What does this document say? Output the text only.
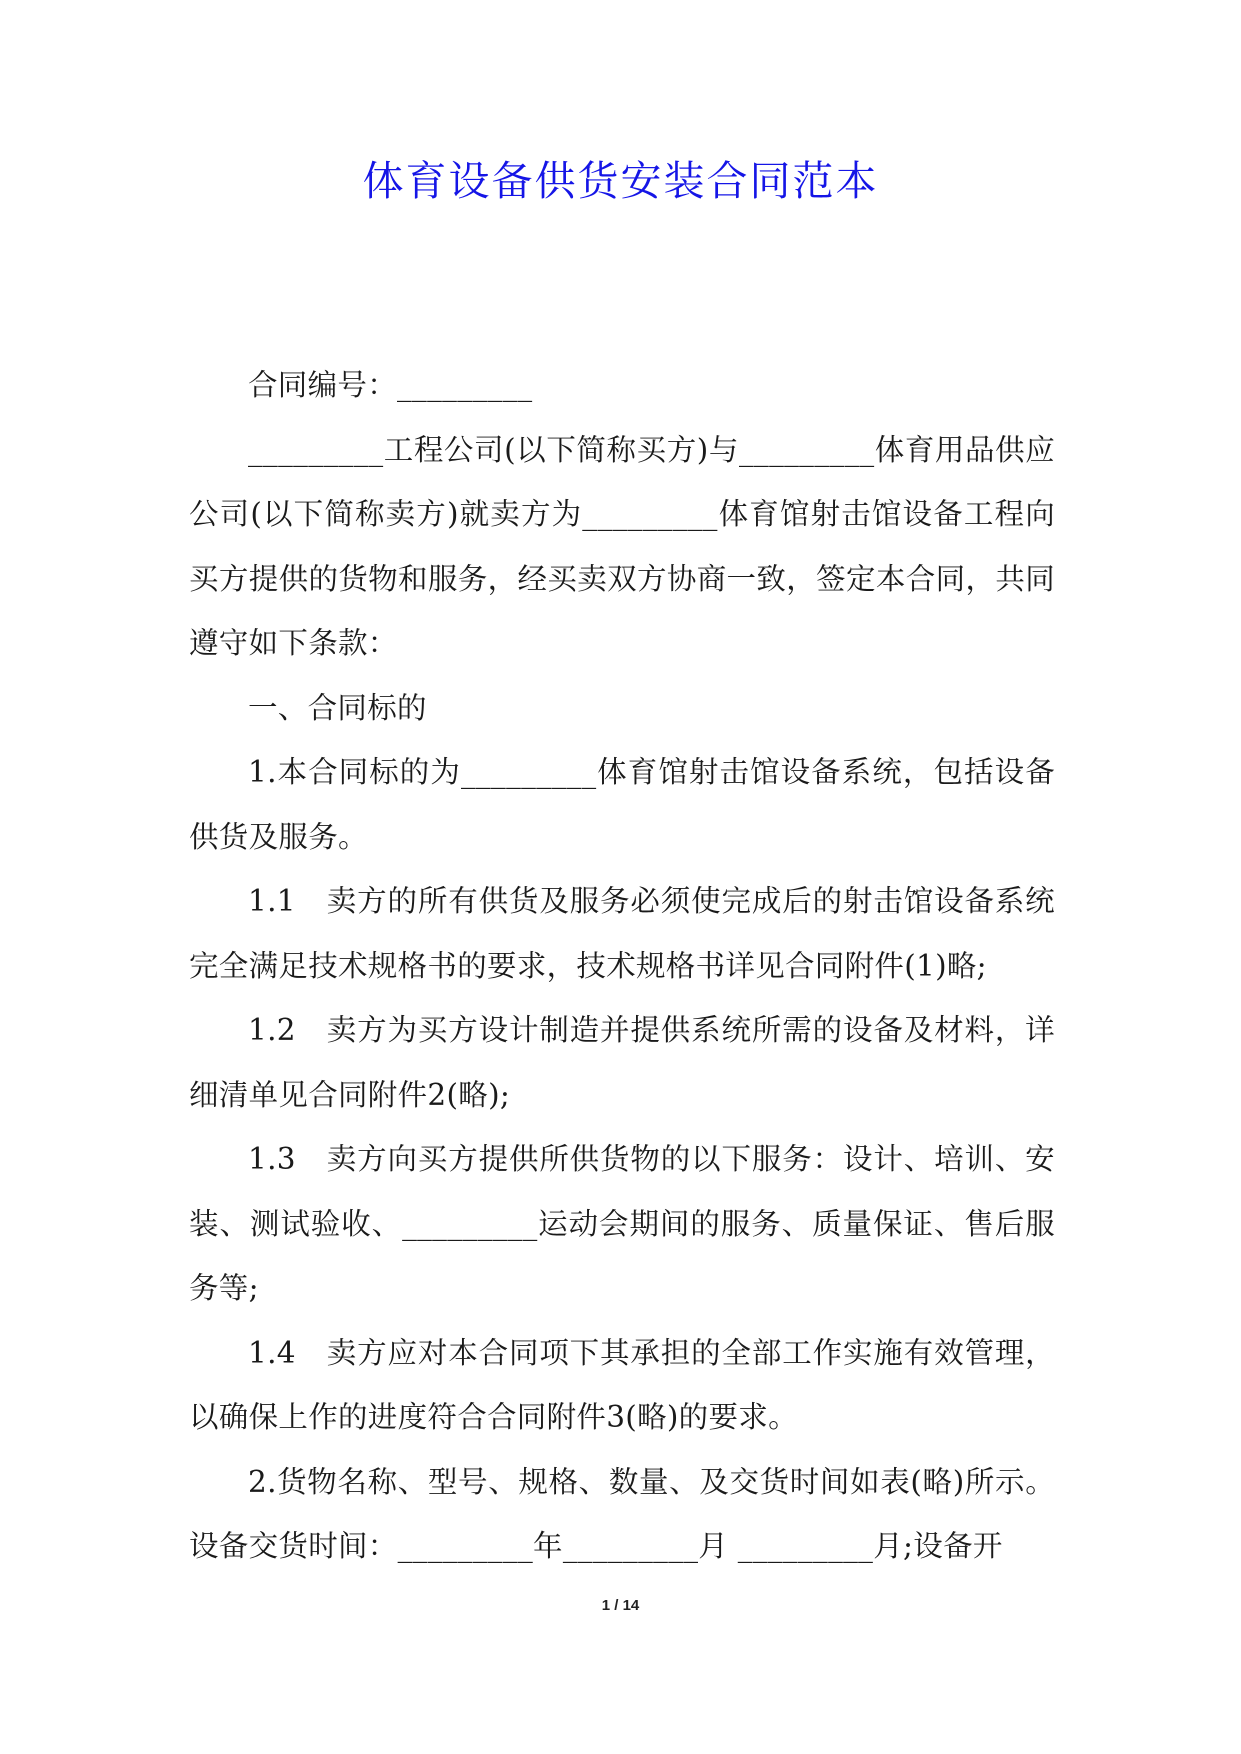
体育设备供货安装合同范本

合同编号：_________

_________工程公司(以下简称买方)与_________体育用品供应公司(以下简称卖方)就卖方为_________体育馆射击馆设备工程向买方提供的货物和服务，经买卖双方协商一致，签定本合同，共同遵守如下条款：

一、合同标的

1.本合同标的为_________体育馆射击馆设备系统，包括设备供货及服务。

1.1　卖方的所有供货及服务必须使完成后的射击馆设备系统完全满足技术规格书的要求，技术规格书详见合同附件(1)略;

1.2　卖方为买方设计制造并提供系统所需的设备及材料，详细清单见合同附件2(略);

1.3　卖方向买方提供所供货物的以下服务：设计、培训、安装、测试验收、_________运动会期间的服务、质量保证、售后服务等;

1.4　卖方应对本合同项下其承担的全部工作实施有效管理，以确保上作的进度符合合同附件3(略)的要求。

2.货物名称、型号、规格、数量、及交货时间如表(略)所示。设备交货时间：_________年_________月 _________月;设备开

1 / 14
